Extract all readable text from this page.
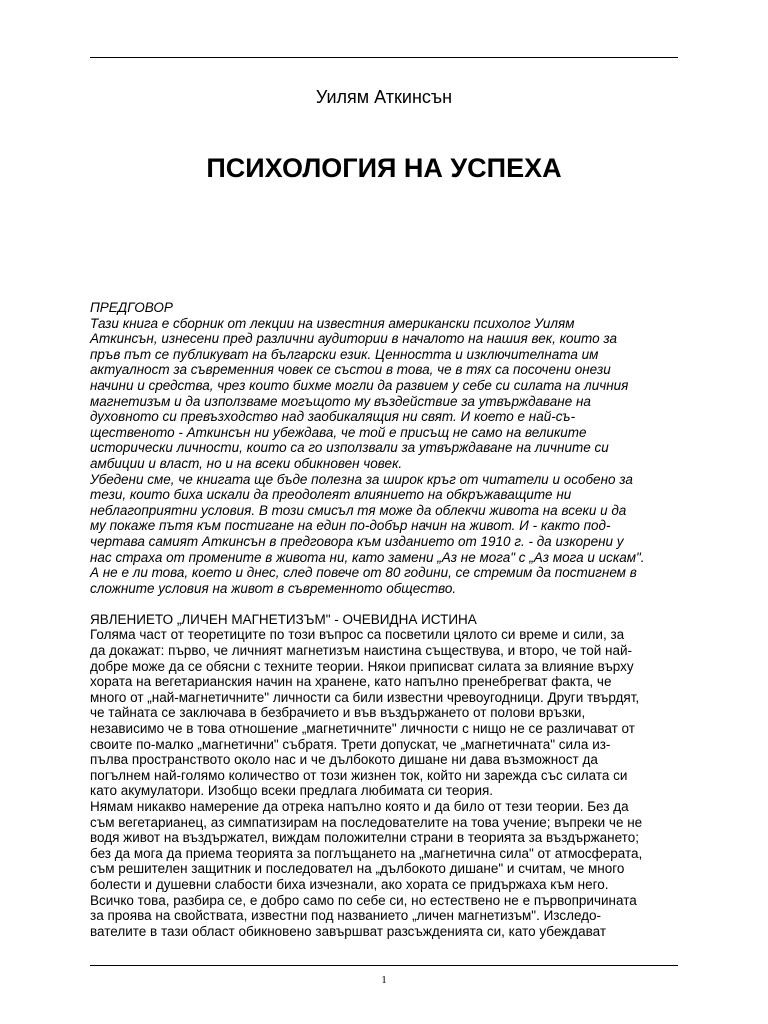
Уилям Аткинсън
ПСИХОЛОГИЯ НА УСПЕХА
ПРЕДГОВОР
Тази книга е сборник от лекции на известния американски психолог Уилям
Аткинсън, изнесени пред различни аудитории в началото на нашия век, които за
пръв път се публикуват на български език. Ценността и изключителната им
актуалност за съвременния човек се състои в това, че в тях са посочени онези
начини и средства, чрез които бихме могли да развием у себе си силата на личния
магнетизъм и да използваме могъщото му въздействие за утвърждаване на
духовното си превъзходство над заобикалящия ни свят. И което е най-съ-
щественото - Аткинсън ни убеждава, че той е присъщ не само на великите
исторически личности, които са го използвали за утвърждаване на личните си
амбиции и власт, но и на всеки обикновен човек.
Убедени сме, че книгата ще бъде полезна за широк кръг от читатели и особено за
тези, които биха искали да преодолеят влиянието на обкръжаващите ни
неблагоприятни условия. В този смисъл тя може да облекчи живота на всеки и да
му покаже пътя към постигане на един по-добър начин на живот. И - както под-
чертава самият Аткинсън в предговора към изданието от 1910 г. - да изкорени у
нас страха от промените в живота ни, като замени „Аз не мога" с „Аз мога и искам".
А не е ли това, което и днес, след повече от 80 години, се стремим да постигнем в
сложните условия на живот в съвременното общество.
ЯВЛЕНИЕТО „ЛИЧЕН МАГНЕТИЗЪМ" - ОЧЕВИДНА ИСТИНА
Голяма част от теоретиците по този въпрос са посветили цялото си време и сили, за
да докажат: първо, че личният магнетизъм наистина съществува, и второ, че той най-
добре може да се обясни с техните теории. Някои приписват силата за влияние върху
хората на вегетарианския начин на хранене, като напълно пренебрегват факта, че
много от „най-магнетичните" личности са били известни чревоугодници. Други твърдят,
че тайната се заключава в безбрачието и във въздържането от полови връзки,
независимо че в това отношение „магнетичните" личности с нищо не се различават от
своите по-малко „магнетични" събратя. Трети допускат, че „магнетичната" сила из-
пълва пространството около нас и че дълбокото дишане ни дава възможност да
погълнем най-голямо количество от този жизнен ток, който ни зарежда със силата си
като акумулатори. Изобщо всеки предлага любимата си теория.
Нямам никакво намерение да отрека напълно която и да било от тези теории. Без да
съм вегетарианец, аз симпатизирам на последователите на това учение; въпреки че не
водя живот на въздържател, виждам положителни страни в теорията за въздържането;
без да мога да приема теорията за поглъщането на „магнетична сила" от атмосферата,
съм решителен защитник и последовател на „дълбокото дишане" и считам, че много
болести и душевни слабости биха изчезнали, ако хората се придържаха към него.
Всичко това, разбира се, е добро само по себе си, но естествено не е първопричината
за проява на свойствата, известни под названието „личен магнетизъм". Изследо-
вателите в тази област обикновено завършват разсъжденията си, като убеждават
1
